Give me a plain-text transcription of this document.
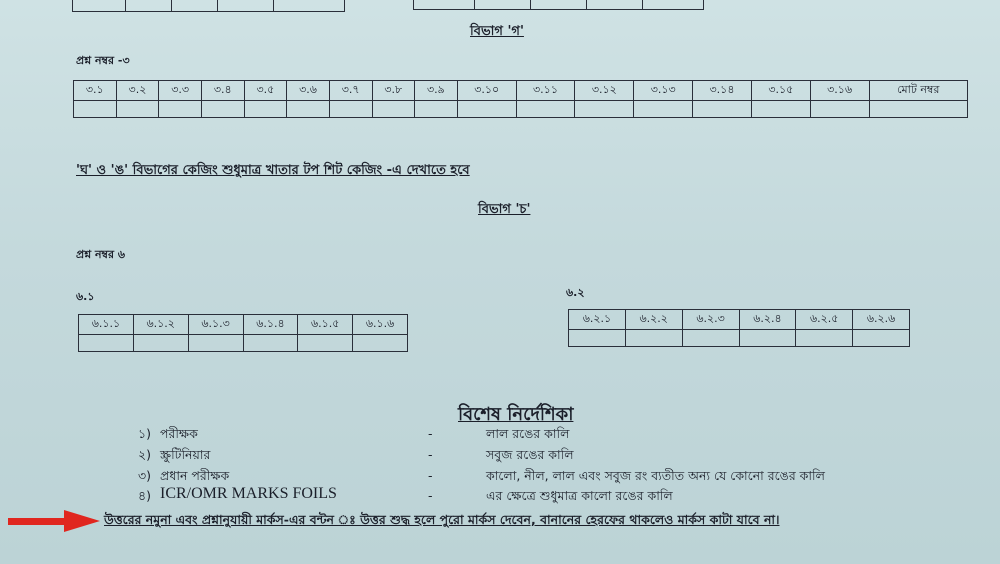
বিভাগ 'গ'
প্রশ্ন নম্বর -৩
৩.১	৩.২	৩.৩	৩.৪	৩.৫	৩.৬	৩.৭	৩.৮	৩.৯	৩.১০	৩.১১	৩.১২	৩.১৩	৩.১৪	৩.১৫	৩.১৬	মোট নম্বর

'ঘ' ও 'ঙ' বিভাগের কেজিং শুধুমাত্র খাতার টপ শিট কেজিং -এ দেখাতে হবে
বিভাগ 'চ'
প্রশ্ন নম্বর ৬
৬.১	৬.২
৬.১.১	৬.১.২	৬.১.৩	৬.১.৪	৬.১.৫	৬.১.৬
						৬.২.১	৬.২.২	৬.২.৩	৬.২.৪	৬.২.৫	৬.২.৬

বিশেষ নির্দেশিকা
১) পরীক্ষক	-	লাল রঙের কালি
২) স্ক্রুটিনিয়ার	-	সবুজ রঙের কালি
৩) প্রধান পরীক্ষক	-	কালো, নীল, লাল এবং সবুজ রং ব্যতীত অন্য যে কোনো রঙের কালি
৪) ICR/OMR MARKS FOILS	-	এর ক্ষেত্রে শুধুমাত্র কালো রঙের কালি
উত্তরের নমুনা এবং প্রশ্নানুযায়ী মার্কস-এর বন্টন ঃ উত্তর শুদ্ধ হলে পুরো মার্কস দেবেন, বানানের হেরফের থাকলেও মার্কস কাটা যাবে না।
